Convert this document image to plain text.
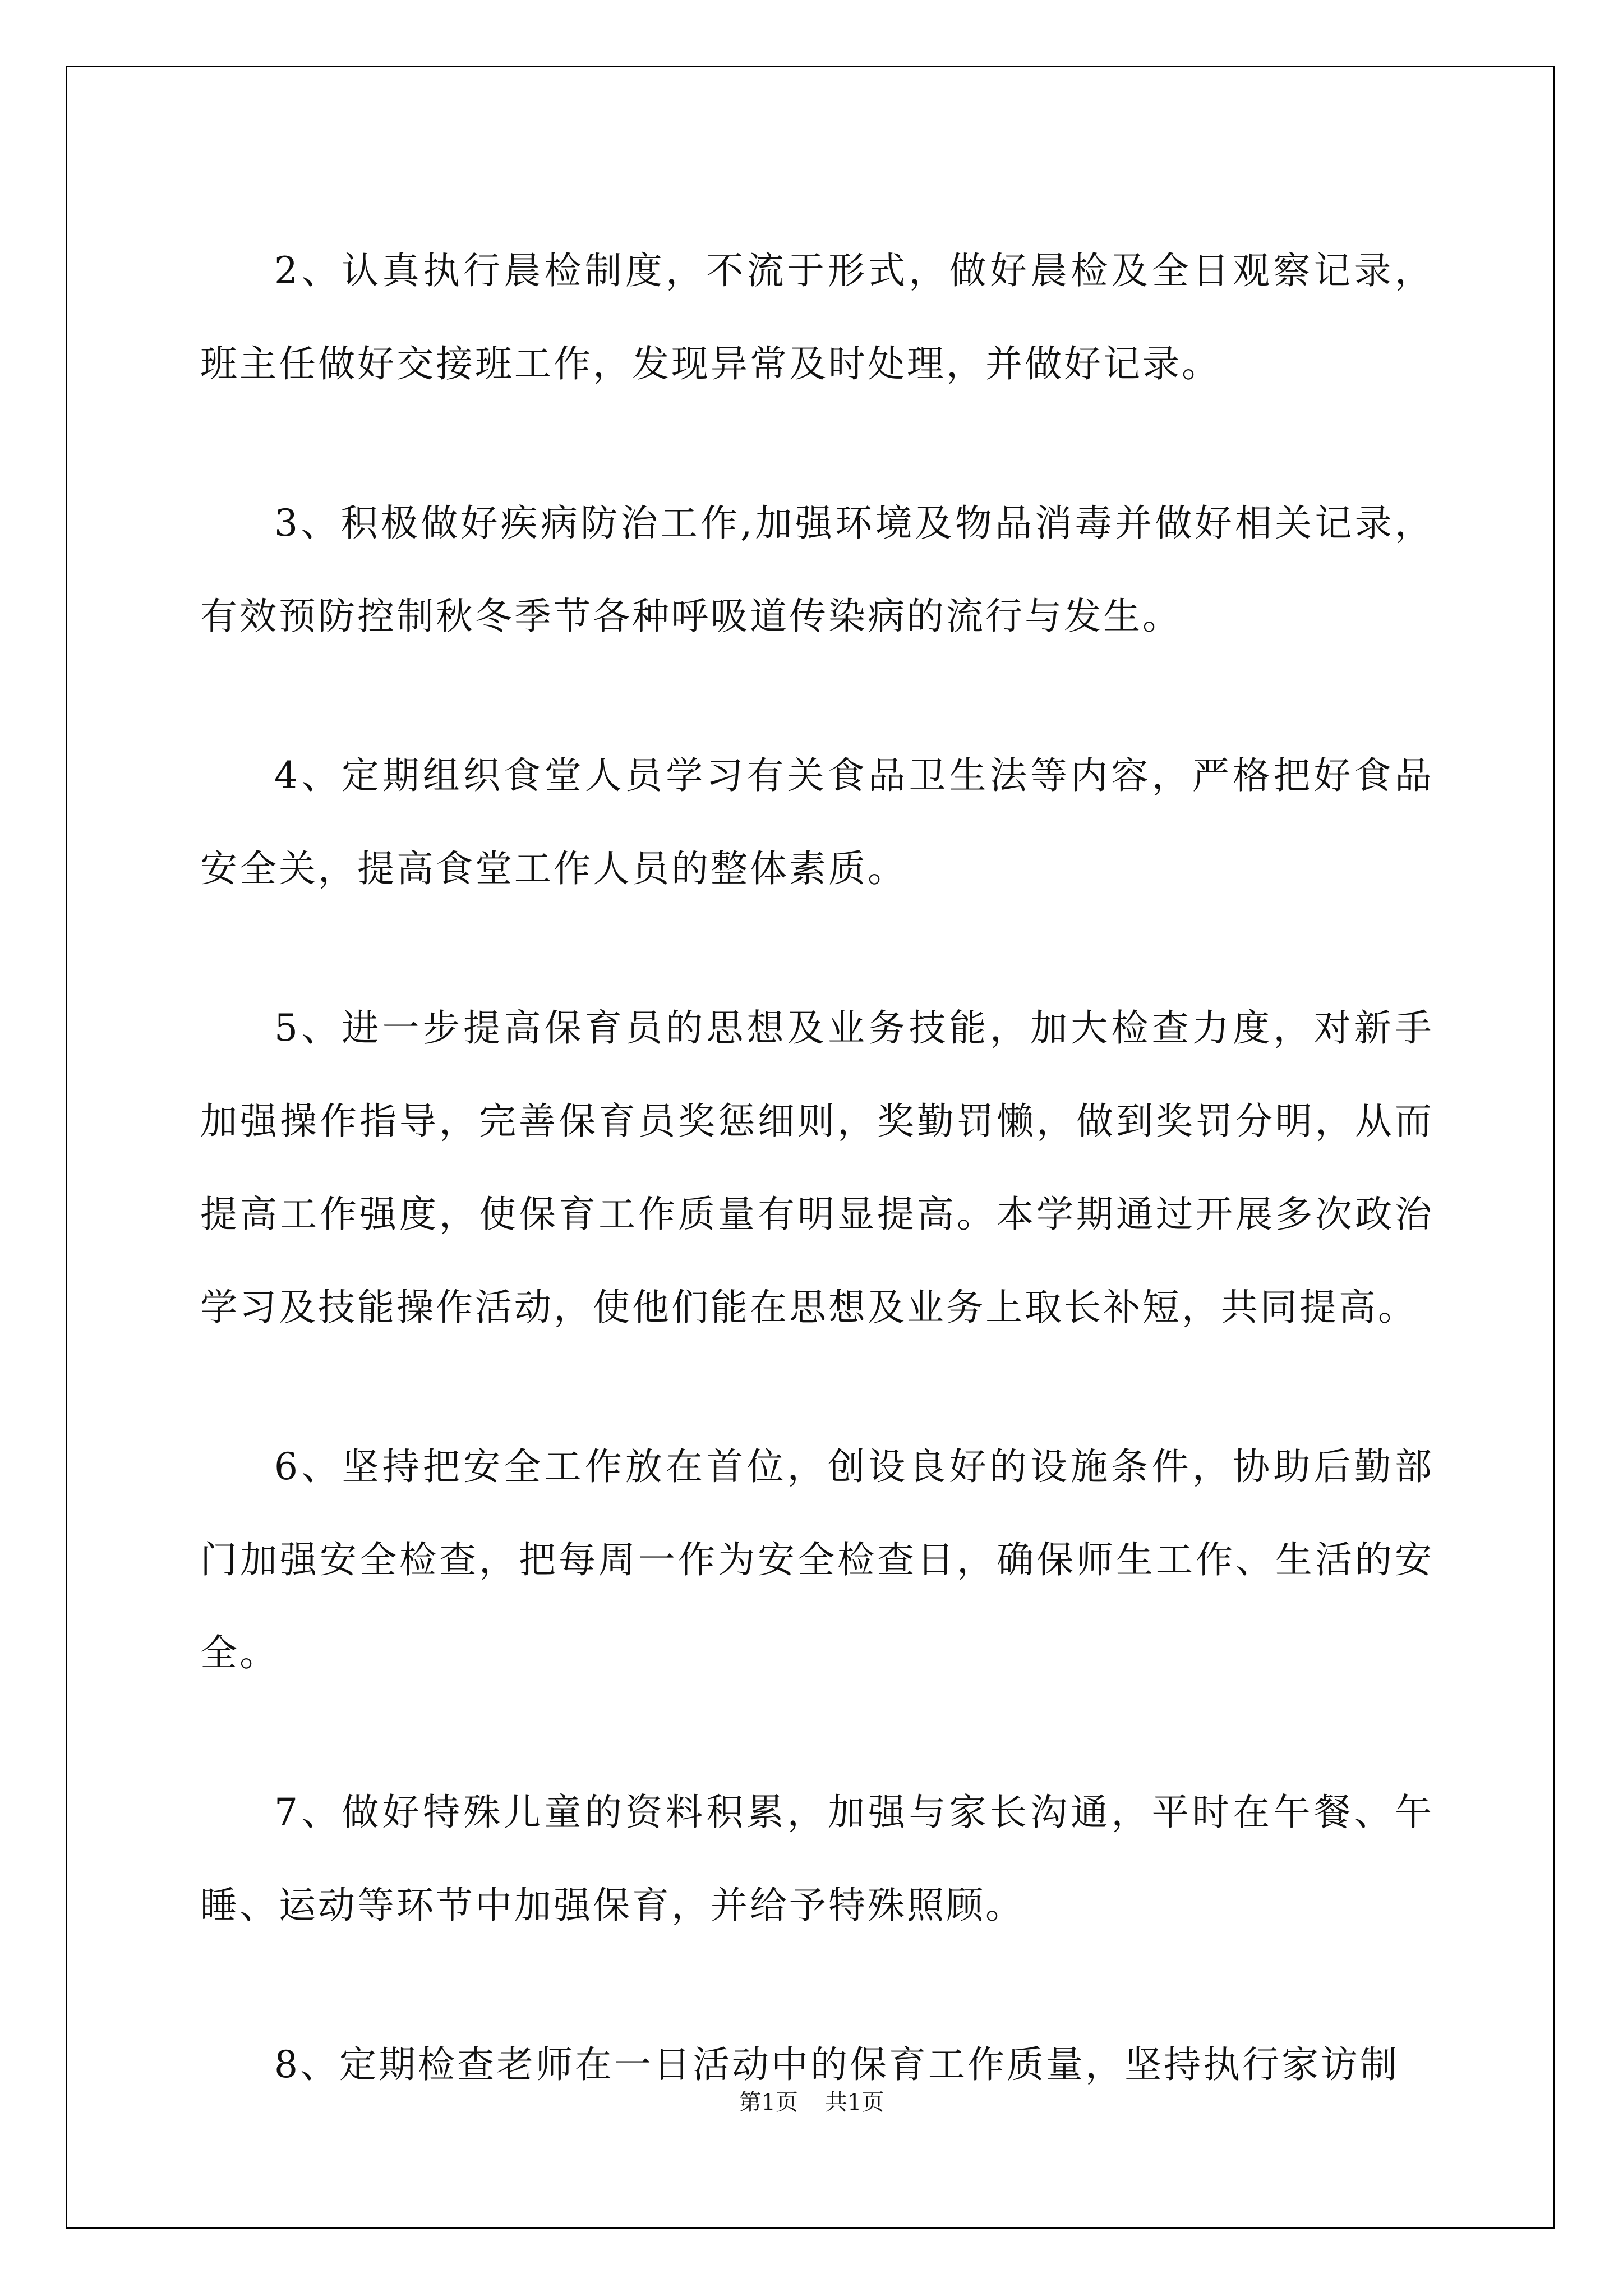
2、认真执行晨检制度，不流于形式，做好晨检及全日观察记录，班主任做好交接班工作，发现异常及时处理，并做好记录。

3、积极做好疾病防治工作,加强环境及物品消毒并做好相关记录，有效预防控制秋冬季节各种呼吸道传染病的流行与发生。

4、定期组织食堂人员学习有关食品卫生法等内容，严格把好食品安全关，提高食堂工作人员的整体素质。

5、进一步提高保育员的思想及业务技能，加大检查力度，对新手加强操作指导，完善保育员奖惩细则，奖勤罚懒，做到奖罚分明，从而提高工作强度，使保育工作质量有明显提高。本学期通过开展多次政治学习及技能操作活动，使他们能在思想及业务上取长补短，共同提高。

6、坚持把安全工作放在首位，创设良好的设施条件，协助后勤部门加强安全检查，把每周一作为安全检查日，确保师生工作、生活的安全。

7、做好特殊儿童的资料积累，加强与家长沟通，平时在午餐、午睡、运动等环节中加强保育，并给予特殊照顾。

8、定期检查老师在一日活动中的保育工作质量，坚持执行家访制

第1页 共1页
